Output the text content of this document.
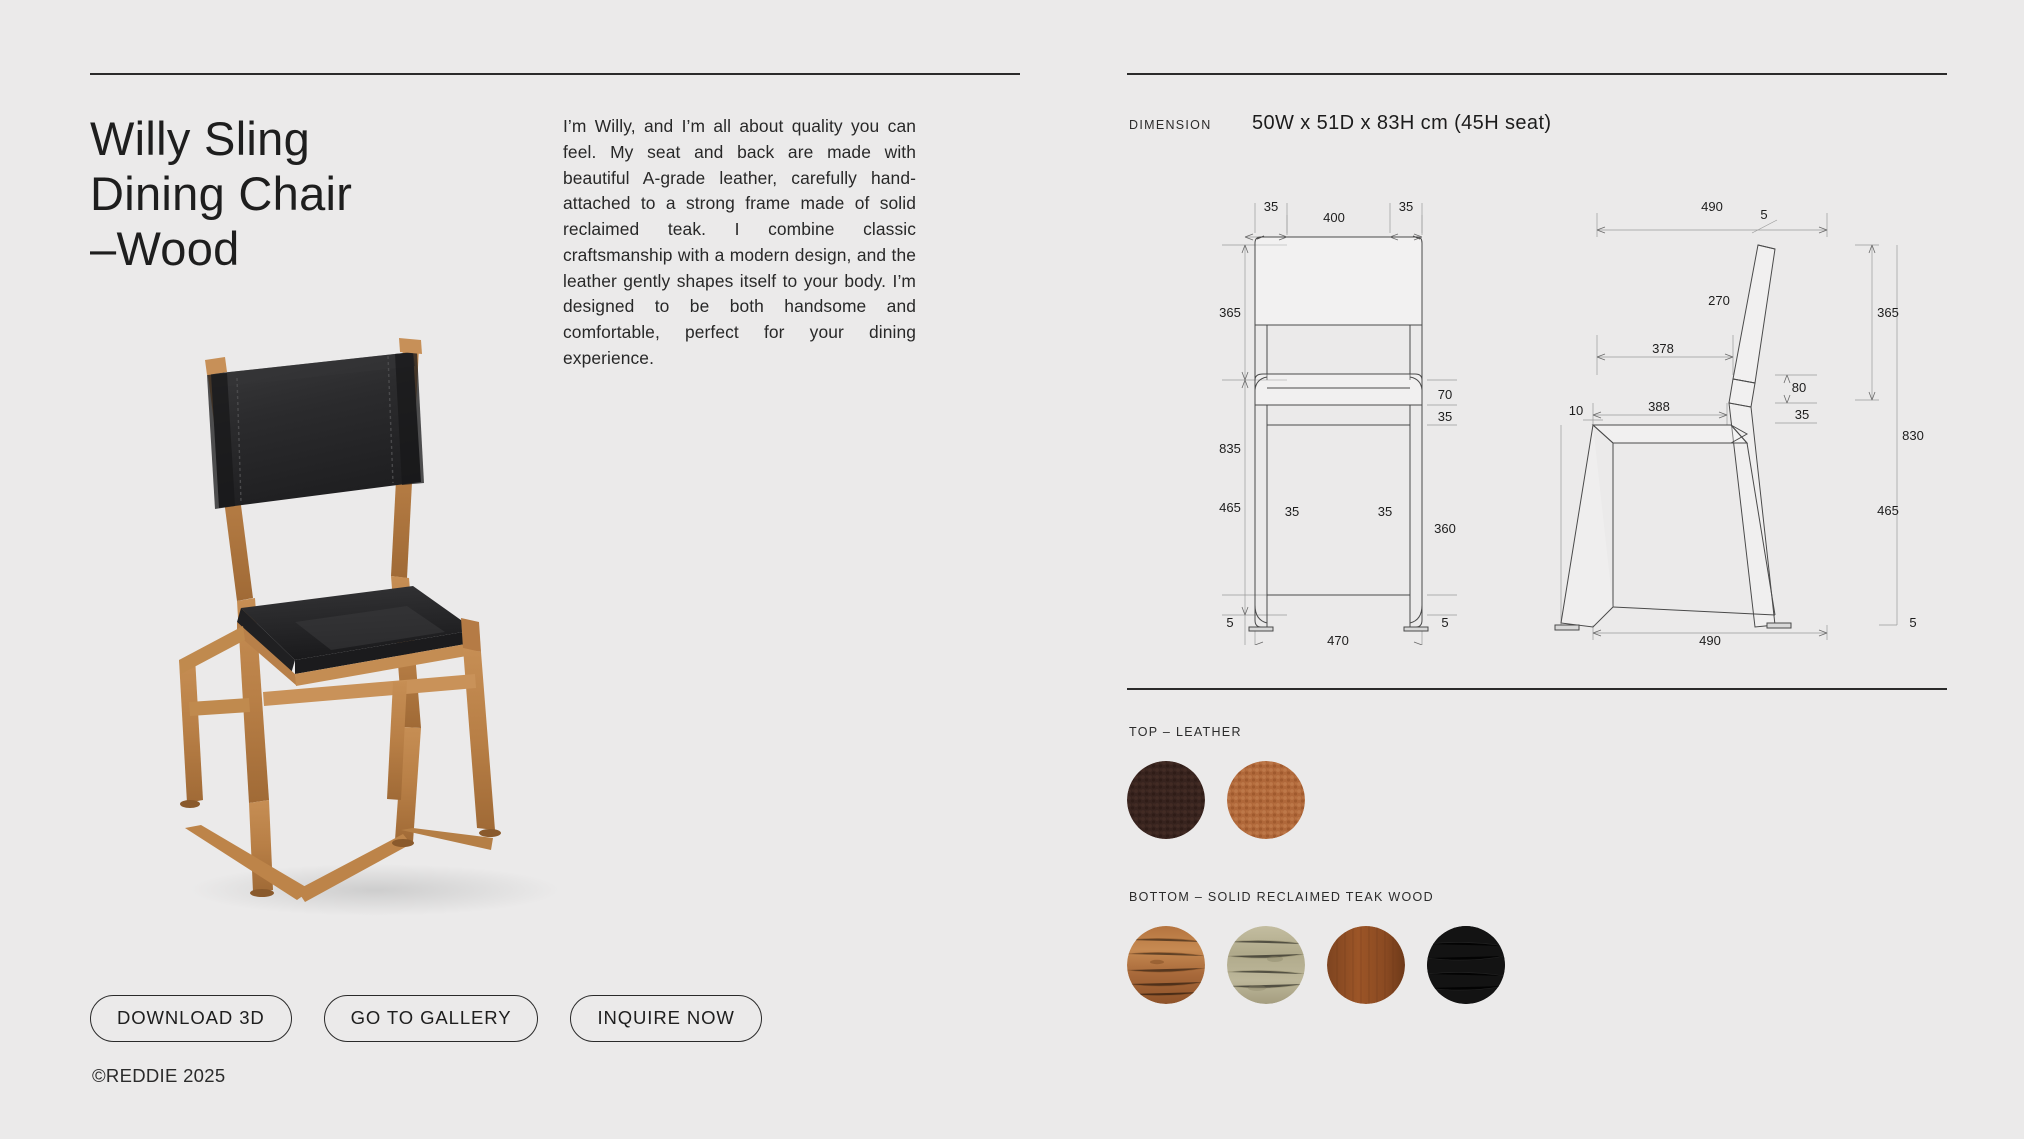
Willy Sling
Dining Chair
–Wood

I’m Willy, and I’m all about quality you can feel. My seat and back are made with beautiful A-grade leather, carefully hand-attached to a strong frame made of solid reclaimed teak. I combine classic craftsmanship with a modern design, and the leather gently shapes itself to your body. I’m designed to be both handsome and comfortable, perfect for your dining experience.

DOWNLOAD 3D	GO TO GALLERY	INQUIRE NOW
©REDDIE 2025
DIMENSION 50W x 51D x 83H cm (45H seat)
35
400
35
365
835
70
35
465	35	35
360
5	5
470
490
5
270
378
10	388
80
35
365
830
465
490
5
TOP – LEATHER
BOTTOM – SOLID RECLAIMED TEAK WOOD
